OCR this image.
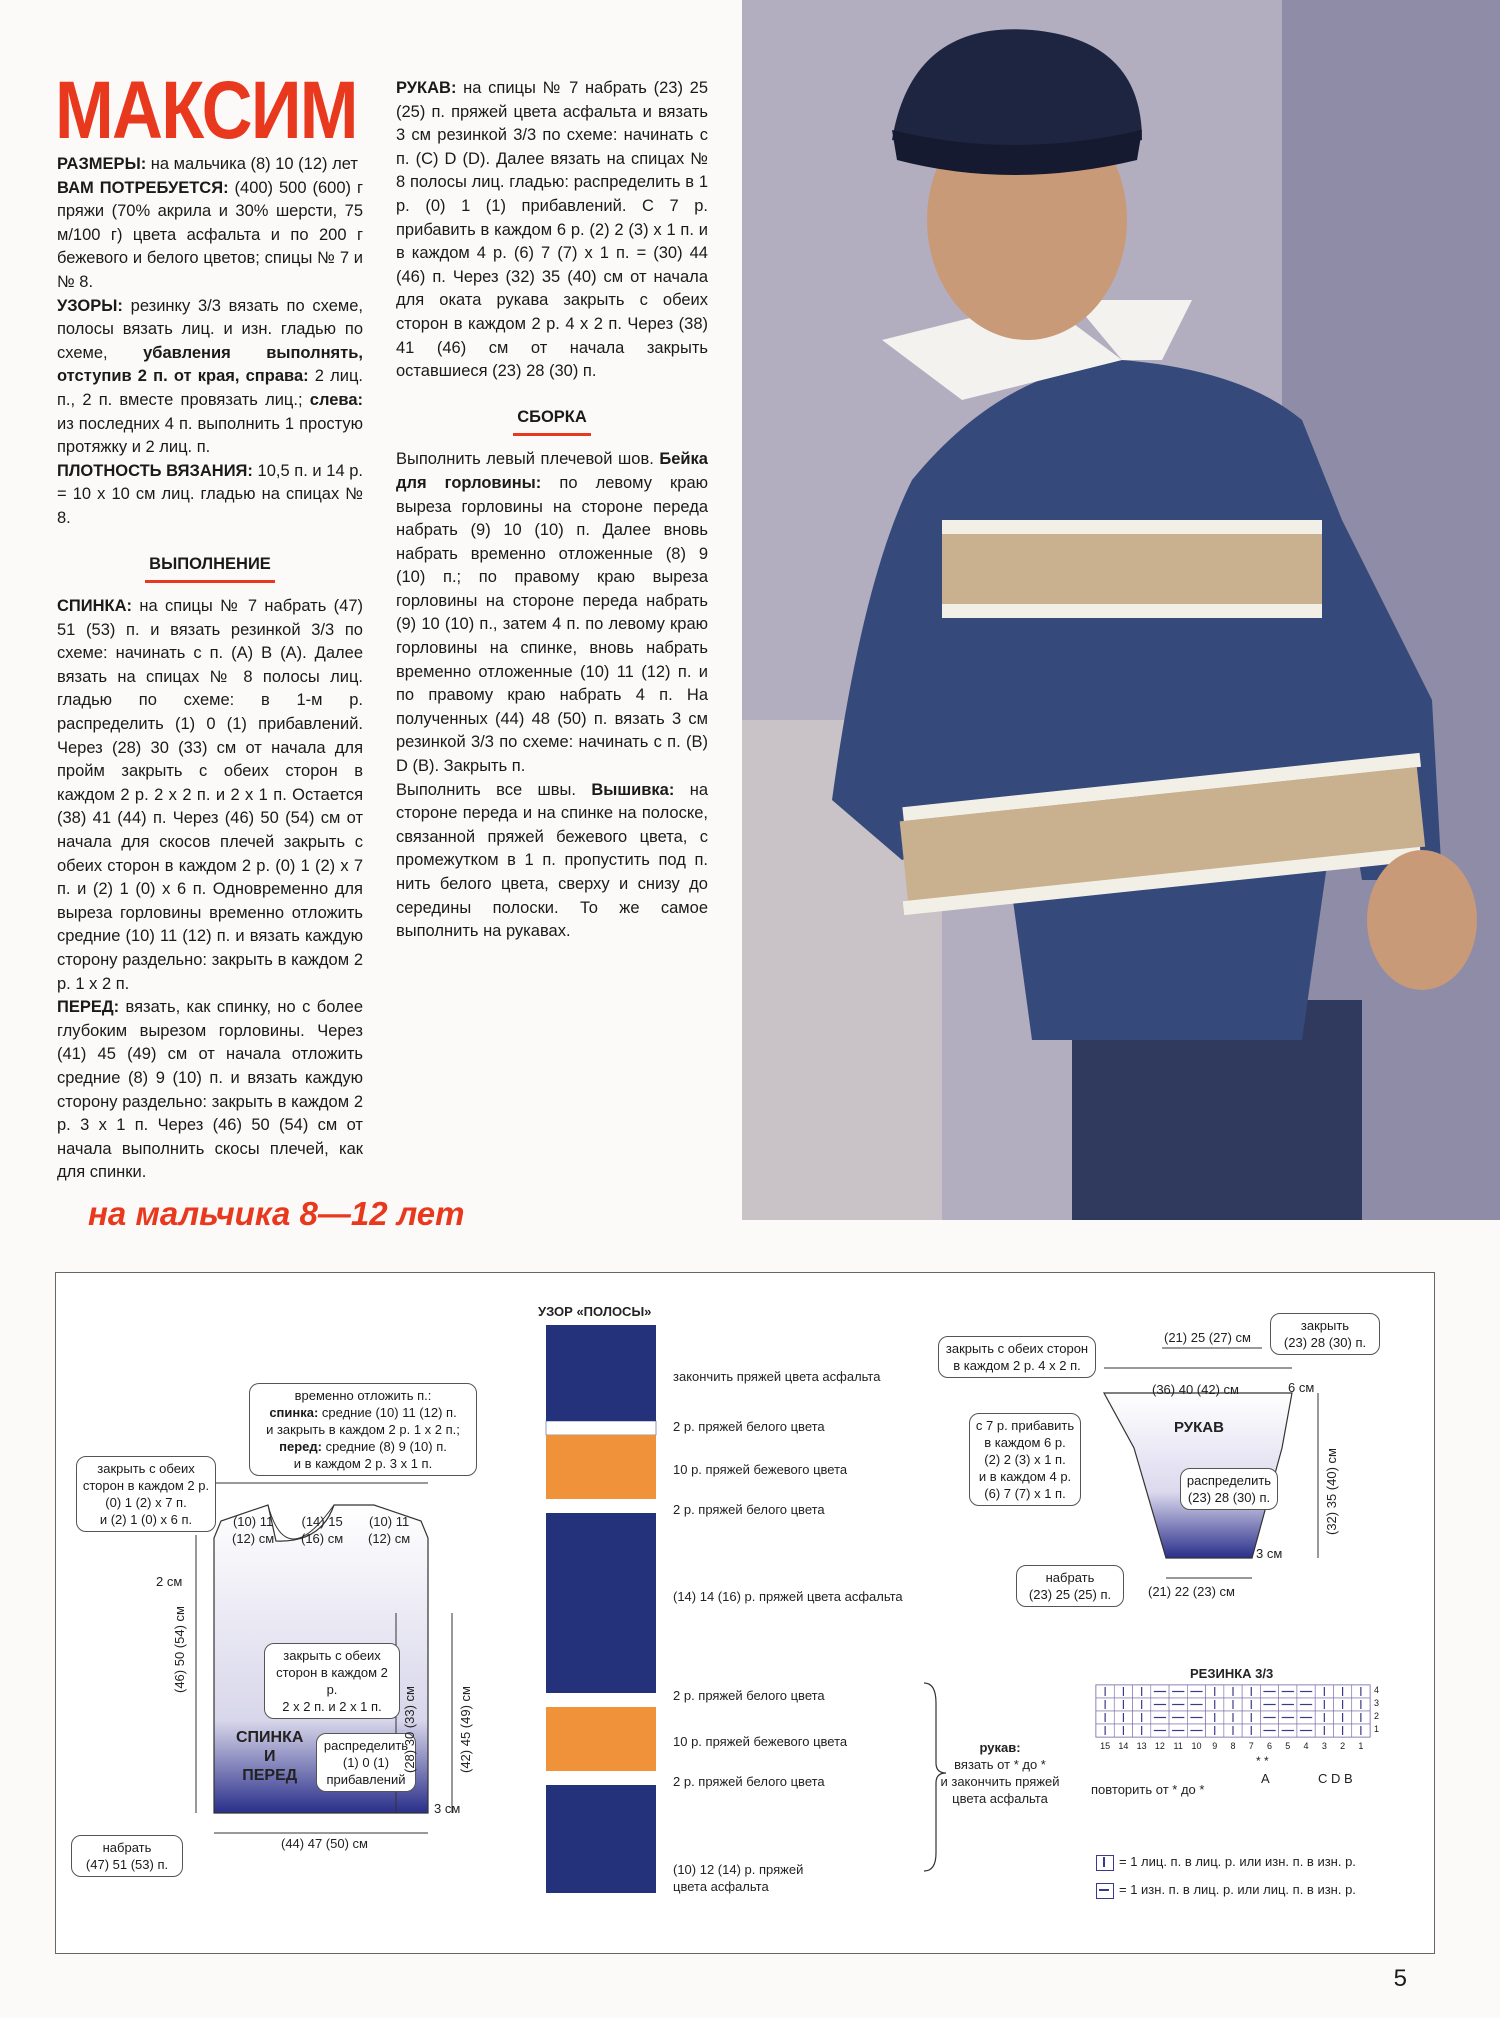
МАКСИМ

РАЗМЕРЫ: на мальчика (8) 10 (12) лет

ВАМ ПОТРЕБУЕТСЯ: (400) 500 (600) г пряжи (70% акрила и 30% шерсти, 75 м/100 г) цвета асфальта и по 200 г бежевого и белого цветов; спицы № 7 и № 8.

УЗОРЫ: резинку 3/3 вязать по схеме, полосы вязать лиц. и изн. гладью по схеме, убавления выполнять, отступив 2 п. от края, справа: 2 лиц. п., 2 п. вместе провязать лиц.; слева: из последних 4 п. выполнить 1 простую протяжку и 2 лиц. п.

ПЛОТНОСТЬ ВЯЗАНИЯ: 10,5 п. и 14 р. = 10 х 10 см лиц. гладью на спицах № 8.

ВЫПОЛНЕНИЕ

СПИНКА: на спицы № 7 набрать (47) 51 (53) п. и вязать резинкой 3/3 по схеме: начинать с п. (А) В (А). Далее вязать на спицах № 8 полосы лиц. гладью по схеме: в 1-м р. распределить (1) 0 (1) прибавлений. Через (28) 30 (33) см от начала для пройм закрыть с обеих сторон в каждом 2 р. 2 х 2 п. и 2 х 1 п. Остается (38) 41 (44) п. Через (46) 50 (54) см от начала для скосов плечей закрыть с обеих сторон в каждом 2 р. (0) 1 (2) х 7 п. и (2) 1 (0) х 6 п. Одновременно для выреза горловины временно отложить средние (10) 11 (12) п. и вязать каждую сторону раздельно: закрыть в каждом 2 р. 1 х 2 п.

ПЕРЕД: вязать, как спинку, но с более глубоким вырезом горловины. Через (41) 45 (49) см от начала отложить средние (8) 9 (10) п. и вязать каждую сторону раздельно: закрыть в каждом 2 р. 3 х 1 п. Через (46) 50 (54) см от начала выполнить скосы плечей, как для спинки.

РУКАВ: на спицы № 7 набрать (23) 25 (25) п. пряжей цвета асфальта и вязать 3 см резинкой 3/3 по схеме: начинать с п. (С) D (D). Далее вязать на спицах № 8 полосы лиц. гладью: распределить в 1 р. (0) 1 (1) прибавлений. С 7 р. прибавить в каждом 6 р. (2) 2 (3) х 1 п. и в каждом 4 р. (6) 7 (7) х 1 п. = (30) 44 (46) п. Через (32) 35 (40) см от начала для оката рукава закрыть с обеих сторон в каждом 2 р. 4 х 2 п. Через (38) 41 (46) см от начала закрыть оставшиеся (23) 28 (30) п.

СБОРКА

Выполнить левый плечевой шов. Бейка для горловины: по левому краю выреза горловины на стороне переда набрать (9) 10 (10) п. Далее вновь набрать временно отложенные (8) 9 (10) п.; по правому краю выреза горловины на стороне переда набрать (9) 10 (10) п., затем 4 п. по левому краю горловины на спинке, вновь набрать временно отложенные (10) 11 (12) п. и по правому краю набрать 4 п. На полученных (44) 48 (50) п. вязать 3 см резинкой 3/3 по схеме: начинать с п. (В) D (В). Закрыть п.

Выполнить все швы. Вышивка: на стороне переда и на спинке на полоске, связанной пряжей бежевого цвета, с промежутком в 1 п. пропустить под п. нить белого цвета, сверху и снизу до середины полоски. То же самое выполнить на рукавах.

на мальчика 8—12 лет
временно отложить п.:
спинка: средние (10) 11 (12) п.
и закрыть в каждом 2 р. 1 х 2 п.;
перед: средние (8) 9 (10) п.
и в каждом 2 р. 3 х 1 п.
закрыть с обеих
сторон в каждом 2 р.
(0) 1 (2) х 7 п.
и (2) 1 (0) х 6 п.	(10) 11
(12) см
(14) 15
(16) см
(10) 11
(12) см
2 см
закрыть с обеих
сторон в каждом 2 р.
2 х 2 п. и 2 х 1 п.
СПИНКА
И
ПЕРЕД
распределить
(1) 0 (1)
прибавлений
(46) 50 (54) см
(28) 30 (33) см	(42) 45 (49) см
3 см
(44) 47 (50) см
набрать
(47) 51 (53) п.
УЗОР «ПОЛОСЫ»
закончить пряжей цвета асфальта
2 р. пряжей белого цвета
10 р. пряжей бежевого цвета
2 р. пряжей белого цвета
(14) 14 (16) р. пряжей цвета асфальта
2 р. пряжей белого цвета
10 р. пряжей бежевого цвета
2 р. пряжей белого цвета
(10) 12 (14) р. пряжей
цвета асфальта
рукав:
вязать от * до *
и закончить пряжей
цвета асфальта
закрыть с обеих сторон
в каждом 2 р. 4 х 2 п.
(21) 25 (27) см
закрыть
(23) 28 (30) п.
(36) 40 (42) см	6 см
РУКАВ
с 7 р. прибавить
в каждом 6 р.
(2) 2 (3) х 1 п.
и в каждом 4 р.
(6) 7 (7) х 1 п.
распределить
(23) 28 (30) п.	(32) 35 (40) см
3 см
набрать
(23) 25 (25) п.	(21) 22 (23) см
РЕЗИНКА 3/3
15 14 13 12 11 10	9	8	7	6	5	4	3	2	1
4
3
2
1
* *
A	C D B
повторить от * до *
= 1 лиц. п. в лиц. р. или изн. п. в изн. р.
= 1 изн. п. в лиц. р. или лиц. п. в изн. р.
5
